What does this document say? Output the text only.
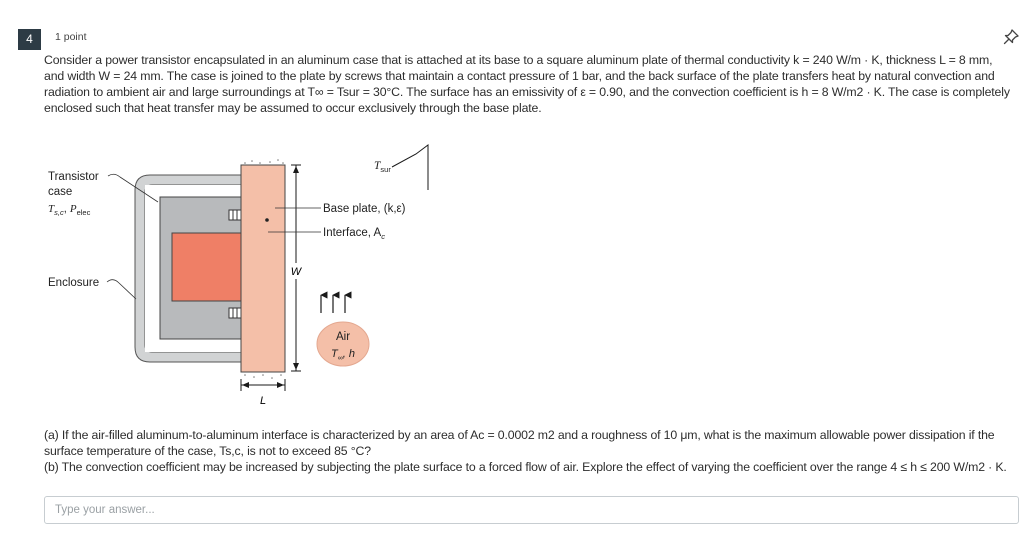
4	1 point
Consider a power transistor encapsulated in an aluminum case that is attached at its base to a square aluminum plate of thermal conductivity k = 240 W/m · K, thickness L = 8 mm, and width W = 24 mm. The case is joined to the plate by screws that maintain a contact pressure of 1 bar, and the back surface of the plate transfers heat by natural convection and radiation to ambient air and large surroundings at T∞ = Tsur = 30°C. The surface has an emissivity of ε = 0.90, and the convection coefficient is h = 8 W/m2 · K. The case is completely enclosed such that heat transfer may be assumed to occur exclusively through the base plate.
W
L
Transistor
case
$T_{s,c}$, $P_{elec}$
Enclosure
Base plate, (k,ε)
Interface, $A_c$
$T_{sur}$
Air
$T_\infty$, h

(a) If the air-filled aluminum-to-aluminum interface is characterized by an area of Ac = 0.0002 m2 and a roughness of 10 μm, what is the maximum allowable power dissipation if the surface temperature of the case, Ts,c, is not to exceed 85 °C?

(b) The convection coefficient may be increased by subjecting the plate surface to a forced flow of air. Explore the effect of varying the coefficient over the range 4 ≤ h ≤ 200 W/m2 · K.

Type your answer...
